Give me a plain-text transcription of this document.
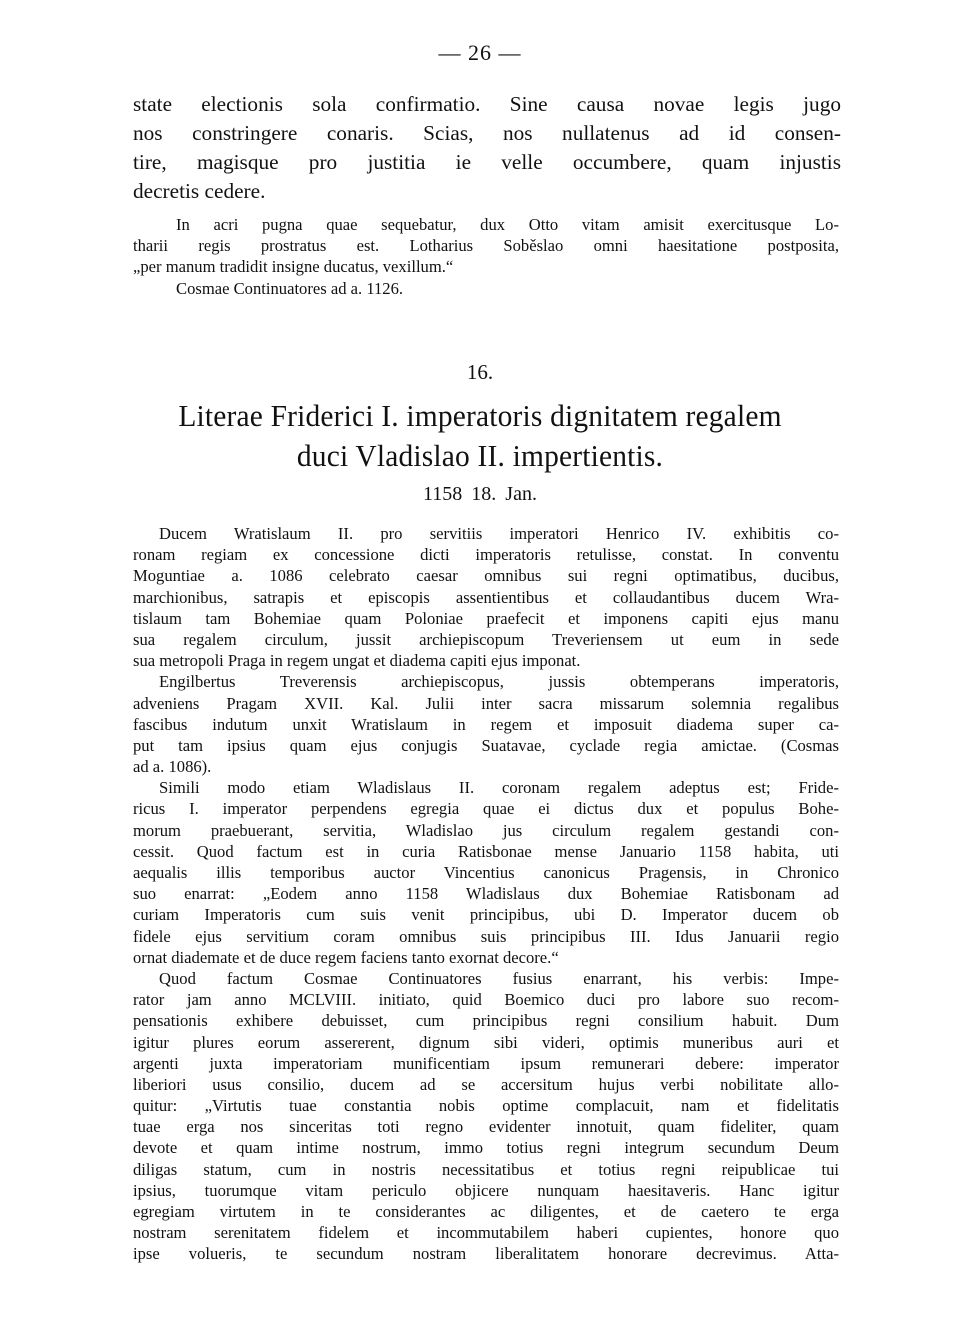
— 26 —

state electionis sola confirmatio. Sine causa novae legis jugo
nos constringere conaris. Scias, nos nullatenus ad id consen-
tire, magisque pro justitia ie velle occumbere, quam injustis
decretis cedere.

In acri pugna quae sequebatur, dux Otto vitam amisit exercitusque Lo-
tharii regis prostratus est. Lotharius Soběslao omni haesitatione postposita,
„per manum tradidit insigne ducatus, vexillum.“
Cosmae Continuatores ad a. 1126.

16.
Literae Friderici I. imperatoris dignitatem regalem
duci Vladislao II. impertientis.
1158 18. Jan.
Ducem Wratislaum II. pro servitiis imperatori Henrico IV. exhibitis co-
ronam regiam ex concessione dicti imperatoris retulisse, constat. In conventu
Moguntiae a. 1086 celebrato caesar omnibus sui regni optimatibus, ducibus,
marchionibus, satrapis et episcopis assentientibus et collaudantibus ducem Wra-
tislaum tam Bohemiae quam Poloniae praefecit et imponens capiti ejus manu
sua regalem circulum, jussit archiepiscopum Treveriensem ut eum in sede
sua metropoli Praga in regem ungat et diadema capiti ejus imponat.
Engilbertus Treverensis archiepiscopus, jussis obtemperans imperatoris,
adveniens Pragam XVII. Kal. Julii inter sacra missarum solemnia regalibus
fascibus indutum unxit Wratislaum in regem et imposuit diadema super ca-
put tam ipsius quam ejus conjugis Suatavae, cyclade regia amictae. (Cosmas
ad a. 1086).
Simili modo etiam Wladislaus II. coronam regalem adeptus est; Fride-
ricus I. imperator perpendens egregia quae ei dictus dux et populus Bohe-
morum praebuerant, servitia, Wladislao jus circulum regalem gestandi con-
cessit. Quod factum est in curia Ratisbonae mense Januario 1158 habita, uti
aequalis illis temporibus auctor Vincentius canonicus Pragensis, in Chronico
suo enarrat: „Eodem anno 1158 Wladislaus dux Bohemiae Ratisbonam ad
curiam Imperatoris cum suis venit principibus, ubi D. Imperator ducem ob
fidele ejus servitium coram omnibus suis principibus III. Idus Januarii regio
ornat diademate et de duce regem faciens tanto exornat decore.“
Quod factum Cosmae Continuatores fusius enarrant, his verbis: Impe-
rator jam anno MCLVIII. initiato, quid Boemico duci pro labore suo recom-
pensationis exhibere debuisset, cum principibus regni consilium habuit. Dum
igitur plures eorum assererent, dignum sibi videri, optimis muneribus auri et
argenti juxta imperatoriam munificentiam ipsum remunerari debere: imperator
liberiori usus consilio, ducem ad se accersitum hujus verbi nobilitate allo-
quitur: „Virtutis tuae constantia nobis optime complacuit, nam et fidelitatis
tuae erga nos sinceritas toti regno evidenter innotuit, quam fideliter, quam
devote et quam intime nostrum, immo totius regni integrum secundum Deum
diligas statum, cum in nostris necessitatibus et totius regni reipublicae tui
ipsius, tuorumque vitam periculo objicere nunquam haesitaveris. Hanc igitur
egregiam virtutem in te considerantes ac diligentes, et de caetero te erga
nostram serenitatem fidelem et incommutabilem haberi cupientes, honore quo
ipse volueris, te secundum nostram liberalitatem honorare decrevimus. Atta-
